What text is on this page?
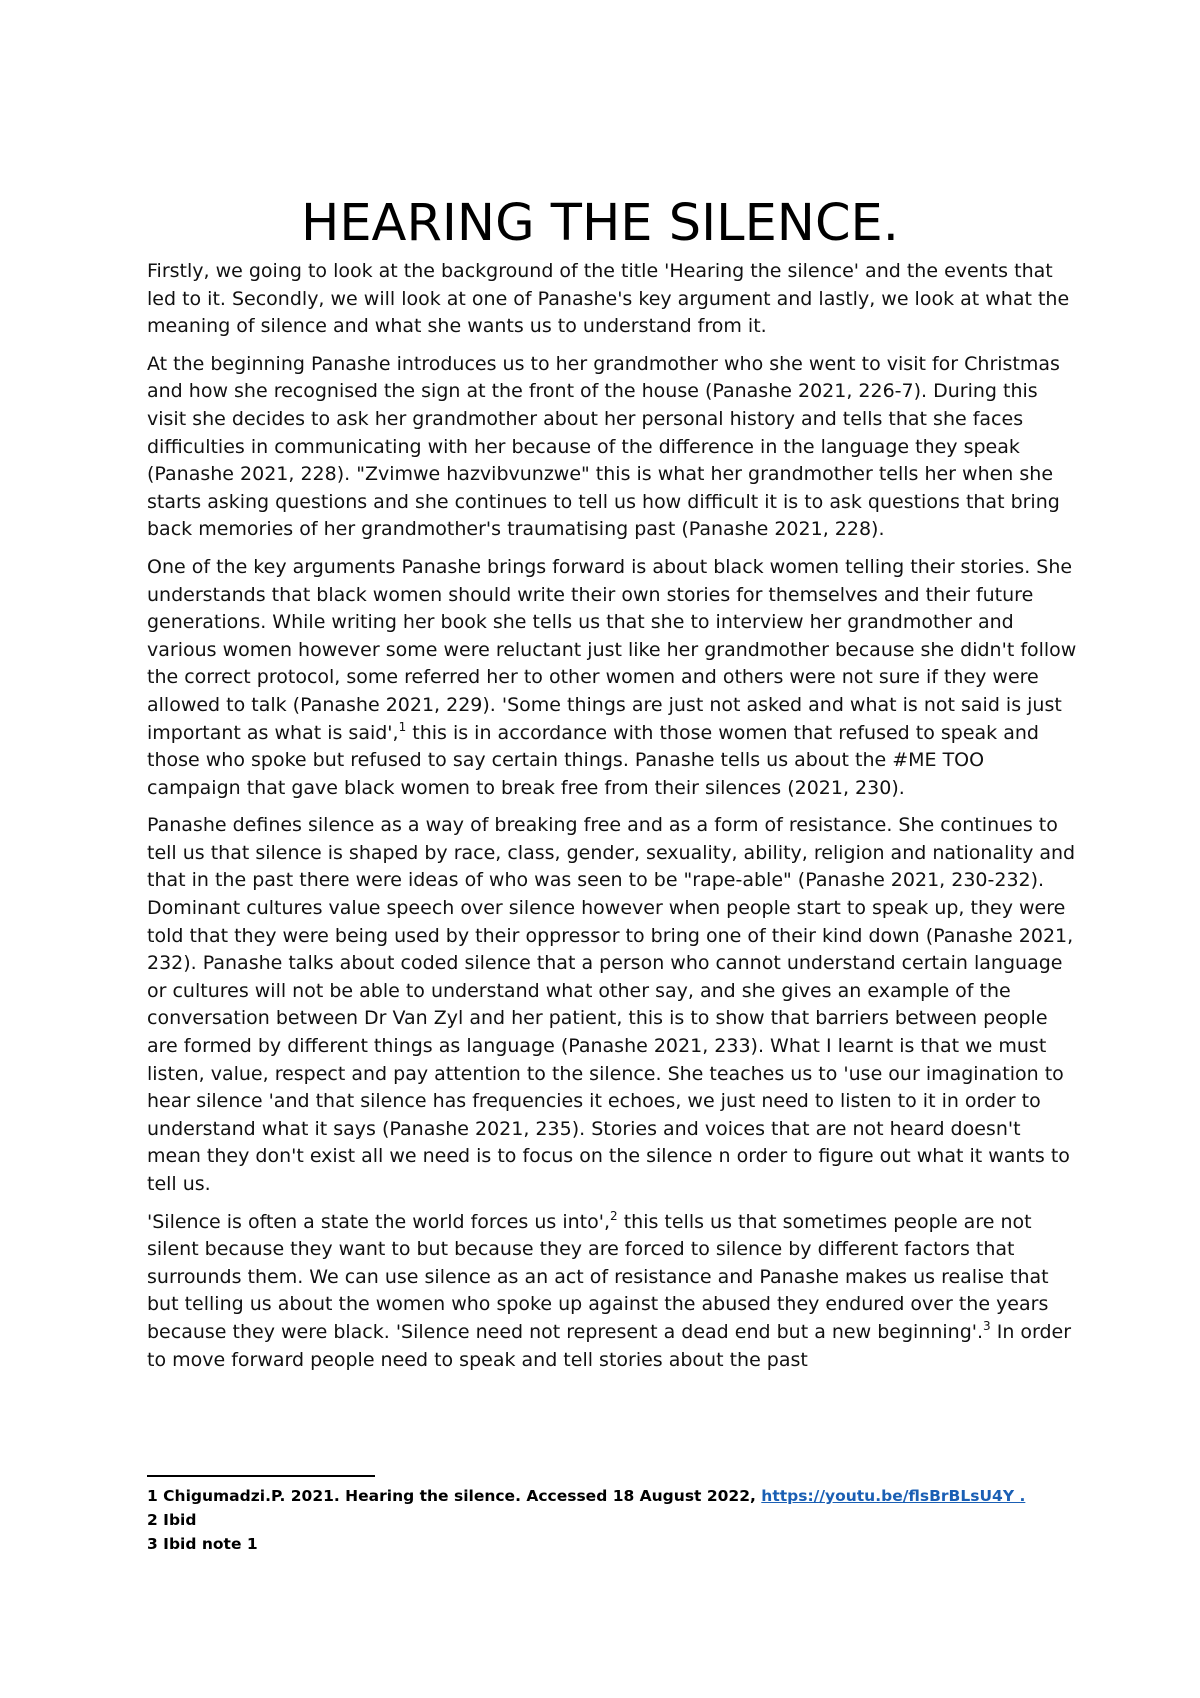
HEARING THE SILENCE.

Firstly, we going to look at the background of the title 'Hearing the silence' and the events that led to it. Secondly, we will look at one of Panashe's key argument and lastly, we look at what the meaning of silence and what she wants us to understand from it.

At the beginning Panashe introduces us to her grandmother who she went to visit for Christmas and how she recognised the sign at the front of the house (Panashe 2021, 226-7). During this visit she decides to ask her grandmother about her personal history and tells that she faces difficulties in communicating with her because of the difference in the language they speak (Panashe 2021, 228). "Zvimwe hazvibvunzwe" this is what her grandmother tells her when she starts asking questions and she continues to tell us how difficult it is to ask questions that bring back memories of her grandmother's traumatising past (Panashe 2021, 228).

One of the key arguments Panashe brings forward is about black women telling their stories. She understands that black women should write their own stories for themselves and their future generations. While writing her book she tells us that she to interview her grandmother and various women however some were reluctant just like her grandmother because she didn't follow the correct protocol, some referred her to other women and others were not sure if they were allowed to talk (Panashe 2021, 229). 'Some things are just not asked and what is not said is just important as what is said',$^1$ this is in accordance with those women that refused to speak and those who spoke but refused to say certain things. Panashe tells us about the #ME TOO campaign that gave black women to break free from their silences (2021, 230).

Panashe defines silence as a way of breaking free and as a form of resistance. She continues to tell us that silence is shaped by race, class, gender, sexuality, ability, religion and nationality and that in the past there were ideas of who was seen to be "rape-able" (Panashe 2021, 230-232). Dominant cultures value speech over silence however when people start to speak up, they were told that they were being used by their oppressor to bring one of their kind down (Panashe 2021, 232). Panashe talks about coded silence that a person who cannot understand certain language or cultures will not be able to understand what other say, and she gives an example of the conversation between Dr Van Zyl and her patient, this is to show that barriers between people are formed by different things as language (Panashe 2021, 233). What I learnt is that we must listen, value, respect and pay attention to the silence. She teaches us to 'use our imagination to hear silence 'and that silence has frequencies it echoes, we just need to listen to it in order to understand what it says (Panashe 2021, 235). Stories and voices that are not heard doesn't mean they don't exist all we need is to focus on the silence n order to figure out what it wants to tell us.

'Silence is often a state the world forces us into',$^2$ this tells us that sometimes people are not silent because they want to but because they are forced to silence by different factors that surrounds them. We can use silence as an act of resistance and Panashe makes us realise that but telling us about the women who spoke up against the abused they endured over the years because they were black. 'Silence need not represent a dead end but a new beginning'.$^3$ In order to move forward people need to speak and tell stories about the past

1 Chigumadzi.P. 2021. Hearing the silence. Accessed 18 August 2022, https://youtu.be/flsBrBLsU4Y .

2 Ibid

3 Ibid note 1
